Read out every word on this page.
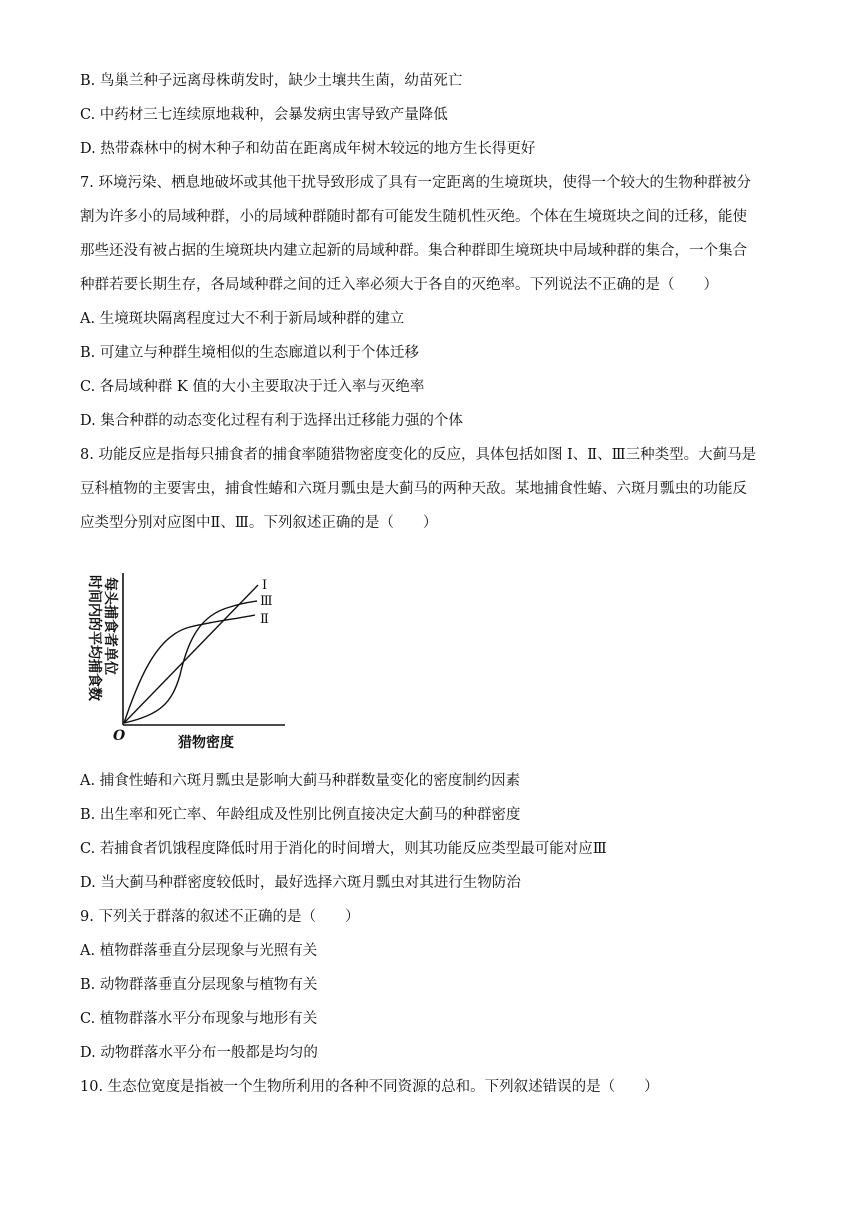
B. 鸟巢兰种子远离母株萌发时，缺少土壤共生菌，幼苗死亡
C. 中药材三七连续原地栽种，会暴发病虫害导致产量降低
D. 热带森林中的树木种子和幼苗在距离成年树木较远的地方生长得更好
7. 环境污染、栖息地破坏或其他干扰导致形成了具有一定距离的生境斑块，使得一个较大的生物种群被分
割为许多小的局域种群，小的局域种群随时都有可能发生随机性灭绝。个体在生境斑块之间的迁移，能使
那些还没有被占据的生境斑块内建立起新的局域种群。集合种群即生境斑块中局域种群的集合，一个集合
种群若要长期生存，各局域种群之间的迁入率必须大于各自的灭绝率。下列说法不正确的是（　　）
A. 生境斑块隔离程度过大不利于新局域种群的建立
B. 可建立与种群生境相似的生态廊道以利于个体迁移
C. 各局域种群 K 值的大小主要取决于迁入率与灭绝率
D. 集合种群的动态变化过程有利于选择出迁移能力强的个体
8. 功能反应是指每只捕食者的捕食率随猎物密度变化的反应，具体包括如图 I、Ⅱ、Ⅲ三种类型。大蓟马是
豆科植物的主要害虫，捕食性蝽和六斑月瓢虫是大蓟马的两种天敌。某地捕食性蝽、六斑月瓢虫的功能反
应类型分别对应图中Ⅱ、Ⅲ。下列叙述正确的是（　　）
每头捕食者单位
时间内的平均捕食数
O	猎物密度
I
Ⅲ
Ⅱ
A. 捕食性蝽和六斑月瓢虫是影响大蓟马种群数量变化的密度制约因素
B. 出生率和死亡率、年龄组成及性别比例直接决定大蓟马的种群密度
C. 若捕食者饥饿程度降低时用于消化的时间增大，则其功能反应类型最可能对应Ⅲ
D. 当大蓟马种群密度较低时，最好选择六斑月瓢虫对其进行生物防治
9. 下列关于群落的叙述不正确的是（　　）
A. 植物群落垂直分层现象与光照有关
B. 动物群落垂直分层现象与植物有关
C. 植物群落水平分布现象与地形有关
D. 动物群落水平分布一般都是均匀的
10. 生态位宽度是指被一个生物所利用的各种不同资源的总和。下列叙述错误的是（　　）
